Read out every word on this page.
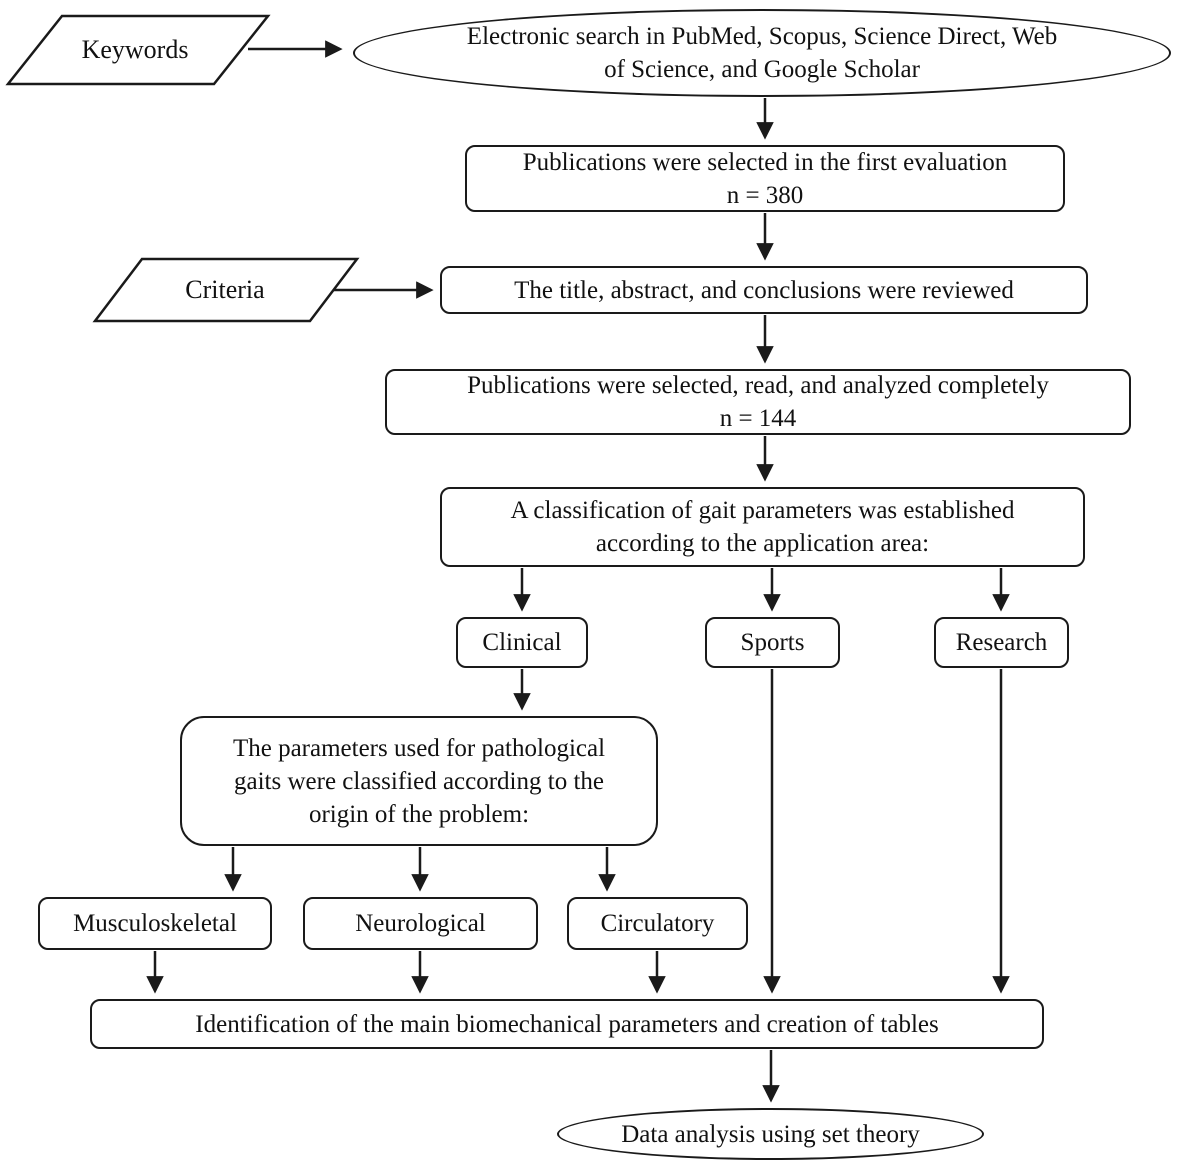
Keywords
Criteria
Electronic search in PubMed, Scopus, Science Direct, Web
of Science, and Google Scholar
Publications were selected in the first evaluation
n = 380
The title, abstract, and conclusions were reviewed
Publications were selected, read, and analyzed completely
n = 144
A classification of gait parameters was established
according to the application area:
Clinical	Sports	Research
The parameters used for pathological
gaits were classified according to the
origin of the problem:
Musculoskeletal	Neurological	Circulatory
Identification of the main biomechanical parameters and creation of tables
Data analysis using set theory
